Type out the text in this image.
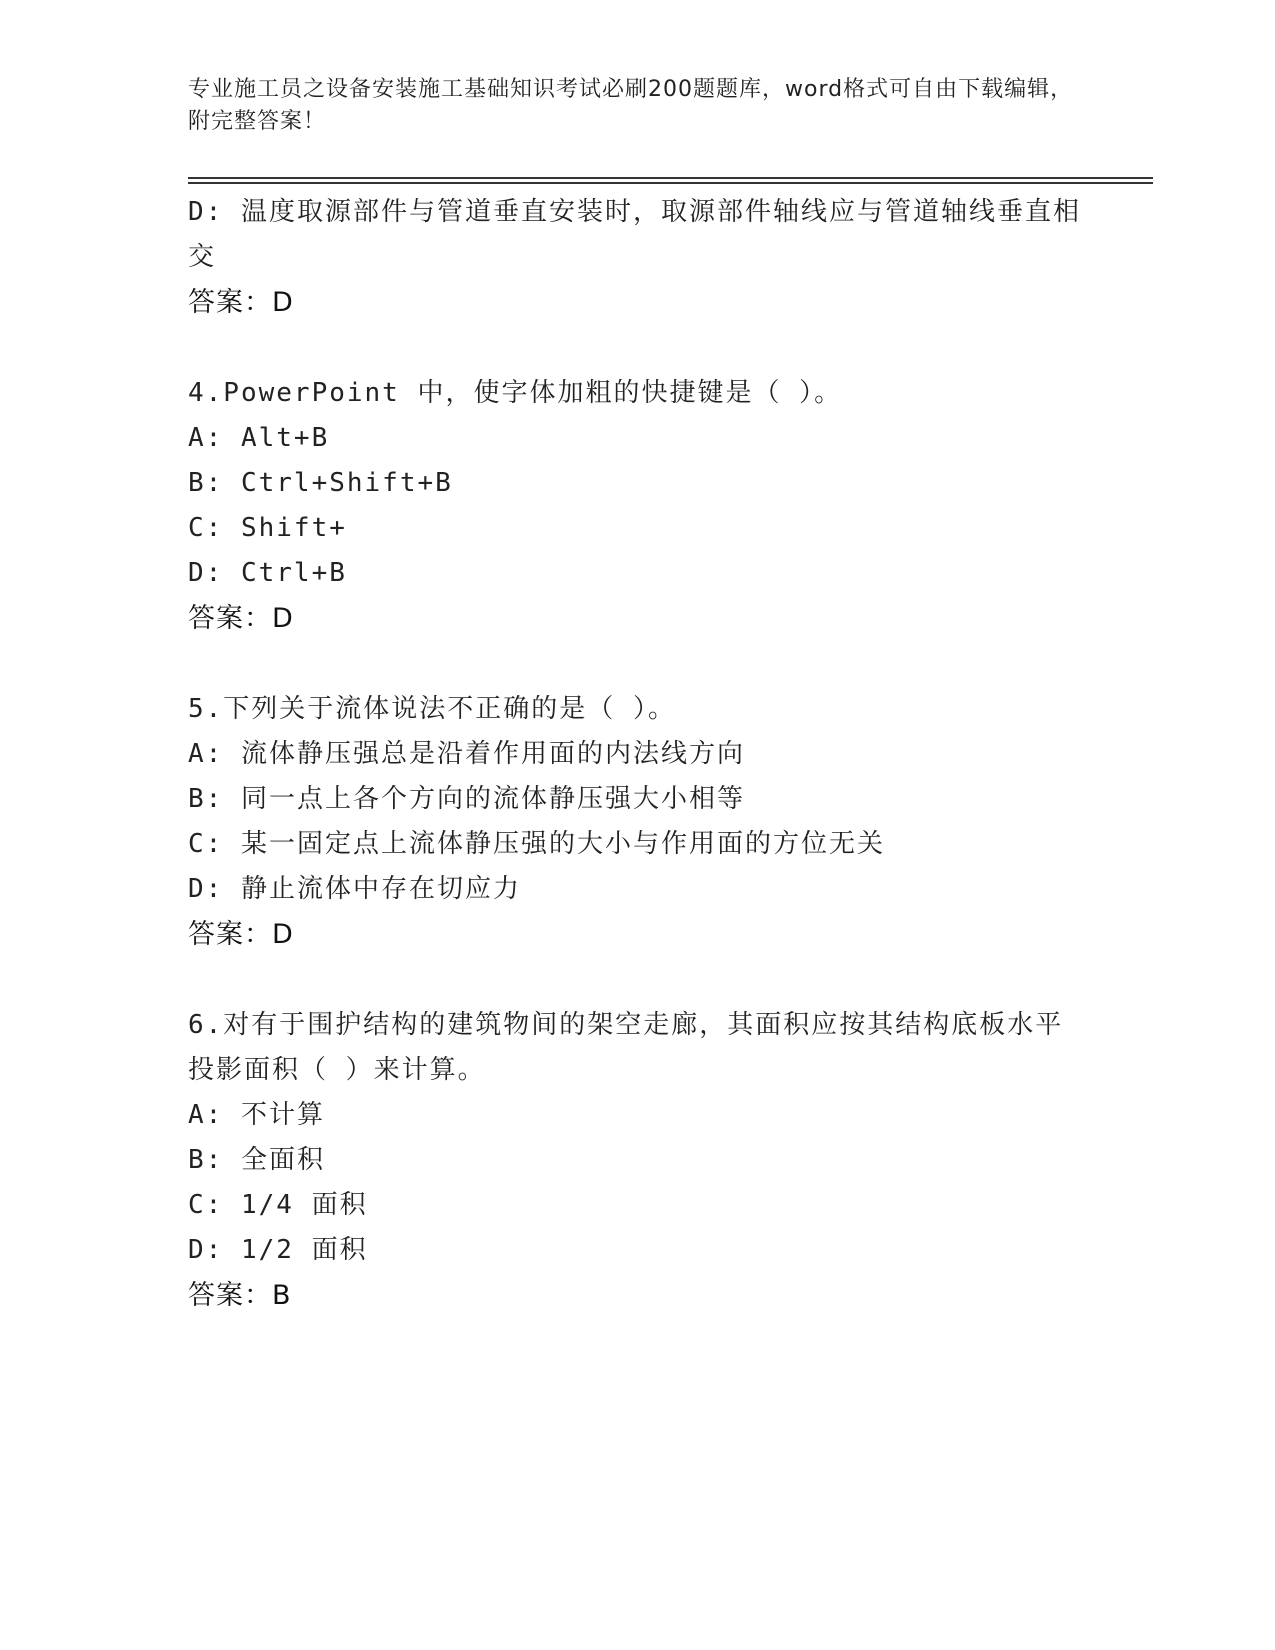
专业施工员之设备安装施工基础知识考试必刷200题题库，word格式可自由下载编辑，附完整答案！
D: 温度取源部件与管道垂直安装时，取源部件轴线应与管道轴线垂直相交
答案：D
4.PowerPoint 中，使字体加粗的快捷键是（ ）。
A: Alt+B
B: Ctrl+Shift+B
C: Shift+
D: Ctrl+B
答案：D
5.下列关于流体说法不正确的是（ ）。
A: 流体静压强总是沿着作用面的内法线方向
B: 同一点上各个方向的流体静压强大小相等
C: 某一固定点上流体静压强的大小与作用面的方位无关
D: 静止流体中存在切应力
答案：D
6.对有于围护结构的建筑物间的架空走廊，其面积应按其结构底板水平投影面积（ ）来计算。
A: 不计算
B: 全面积
C: 1/4 面积
D: 1/2 面积
答案：B
